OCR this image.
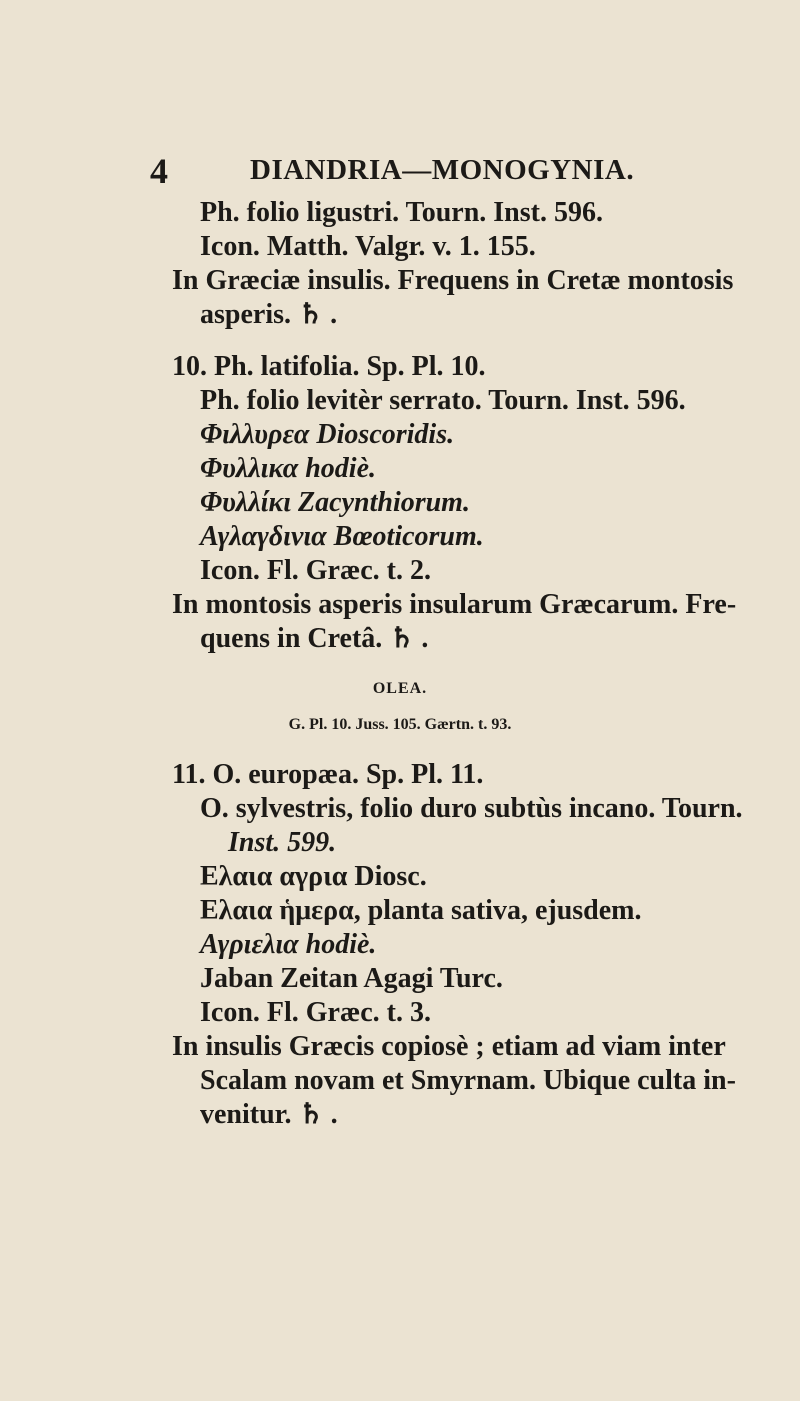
4	DIANDRIA—MONOGYNIA.
Ph. folio ligustri. Tourn. Inst. 596.
Icon. Matth. Valgr. v. 1. 155.
In Græciæ insulis. Frequens in Cretæ montosis
asperis. ♄ .
10. Ph. latifolia. Sp. Pl. 10.
Ph. folio levitèr serrato. Tourn. Inst. 596.
Φιλλυρεα Dioscoridis.
Φυλλικα hodiè.
Φυλλίκι Zacynthiorum.
Αγλαγδινια Bœoticorum.
Icon. Fl. Græc. t. 2.
In montosis asperis insularum Græcarum. Fre-
quens in Cretâ. ♄ .
OLEA.
G. Pl. 10. Juss. 105. Gærtn. t. 93.
11. O. europæa. Sp. Pl. 11.
O. sylvestris, folio duro subtùs incano. Tourn.
Inst. 599.
Ελαια αγρια Diosc.
Ελαια ἡμερα, planta sativa, ejusdem.
Αγριελια hodiè.
Jaban Zeitan Agagi Turc.
Icon. Fl. Græc. t. 3.
In insulis Græcis copiosè ; etiam ad viam inter
Scalam novam et Smyrnam. Ubique culta in-
venitur. ♄ .
